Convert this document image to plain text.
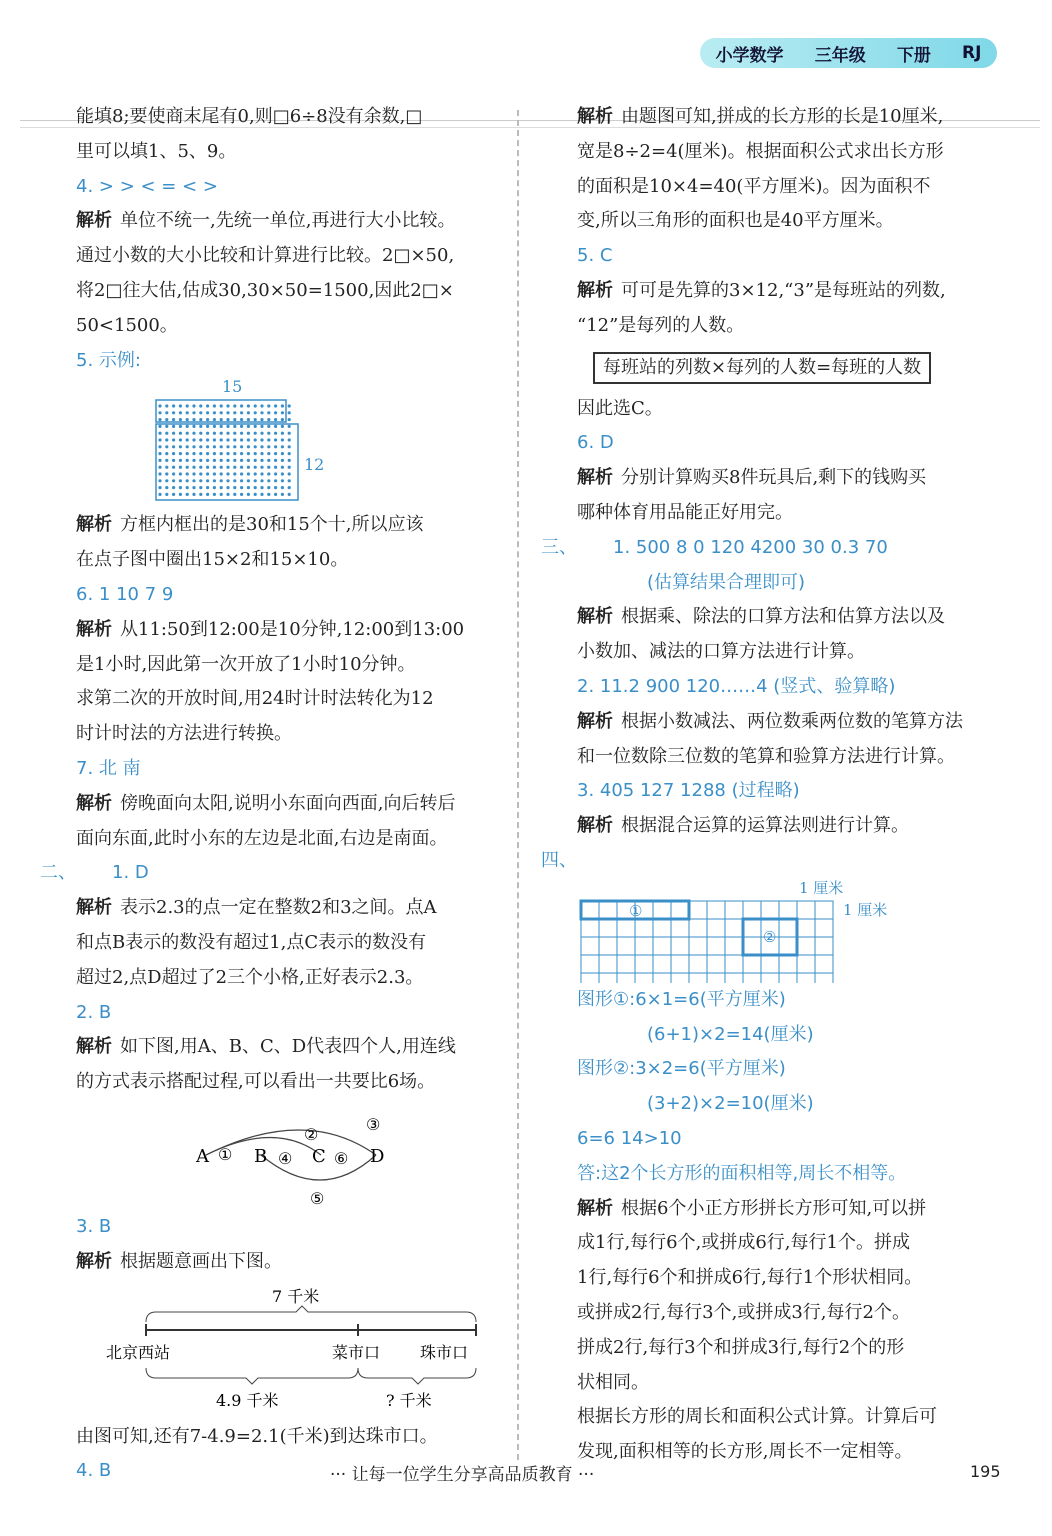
小学数学 三年级 下册 RJ
能填8;要使商末尾有0,则□6÷8没有余数,□
里可以填1、5、9。
4. > > < = < >
解析 单位不统一,先统一单位,再进行大小比较。
通过小数的大小比较和计算进行比较。2□×50,
将2□往大估,估成30,30×50=1500,因此2□×
50<1500。
5. 示例:
15
12
解析 方框内框出的是30和15个十,所以应该
在点子图中圈出15×2和15×10。
6. 1 10 7 9
解析 从11:50到12:00是10分钟,12:00到13:00
是1小时,因此第一次开放了1小时10分钟。
求第二次的开放时间,用24时计时法转化为12
时计时法的方法进行转换。
7. 北 南
解析 傍晚面向太阳,说明小东面向西面,向后转后
面向东面,此时小东的左边是北面,右边是南面。
二、 1. D
解析 表示2.3的点一定在整数2和3之间。点A
和点B表示的数没有超过1,点C表示的数没有
超过2,点D超过了2三个小格,正好表示2.3。
2. B
解析 如下图,用A、B、C、D代表四个人,用连线
的方式表示搭配过程,可以看出一共要比6场。
A ① B ④ C ⑥ D
②
③
⑤
3. B
解析 根据题意画出下图。
7 千米
北京西站	菜市口 珠市口
4.9 千米	? 千米
由图可知,还有7-4.9=2.1(千米)到达珠市口。
4. B
解析 由题图可知,拼成的长方形的长是10厘米,
宽是8÷2=4(厘米)。根据面积公式求出长方形
的面积是10×4=40(平方厘米)。因为面积不
变,所以三角形的面积也是40平方厘米。
5. C
解析 可可是先算的3×12,“3”是每班站的列数,
“12”是每列的人数。
每班站的列数×每列的人数=每班的人数
因此选C。
6. D
解析 分别计算购买8件玩具后,剩下的钱购买
哪种体育用品能正好用完。
三、 1. 500 8 0 120 4200 30 0.3 70
(估算结果合理即可)
解析 根据乘、除法的口算方法和估算方法以及
小数加、减法的口算方法进行计算。
2. 11.2 900 120……4 (竖式、验算略)
解析 根据小数减法、两位数乘两位数的笔算方法
和一位数除三位数的笔算和验算方法进行计算。
3. 405 127 1288 (过程略)
解析 根据混合运算的运算法则进行计算。
四、
①
②
1 厘米
1 厘米
图形①:6×1=6(平方厘米)
(6+1)×2=14(厘米)
图形②:3×2=6(平方厘米)
(3+2)×2=10(厘米)
6=6 14>10
答:这2个长方形的面积相等,周长不相等。
解析 根据6个小正方形拼长方形可知,可以拼
成1行,每行6个,或拼成6行,每行1个。拼成
1行,每行6个和拼成6行,每行1个形状相同。
或拼成2行,每行3个,或拼成3行,每行2个。
拼成2行,每行3个和拼成3行,每行2个的形
状相同。
根据长方形的周长和面积公式计算。计算后可
发现,面积相等的长方形,周长不一定相等。
··· 让每一位学生分享高品质教育 ···	195
